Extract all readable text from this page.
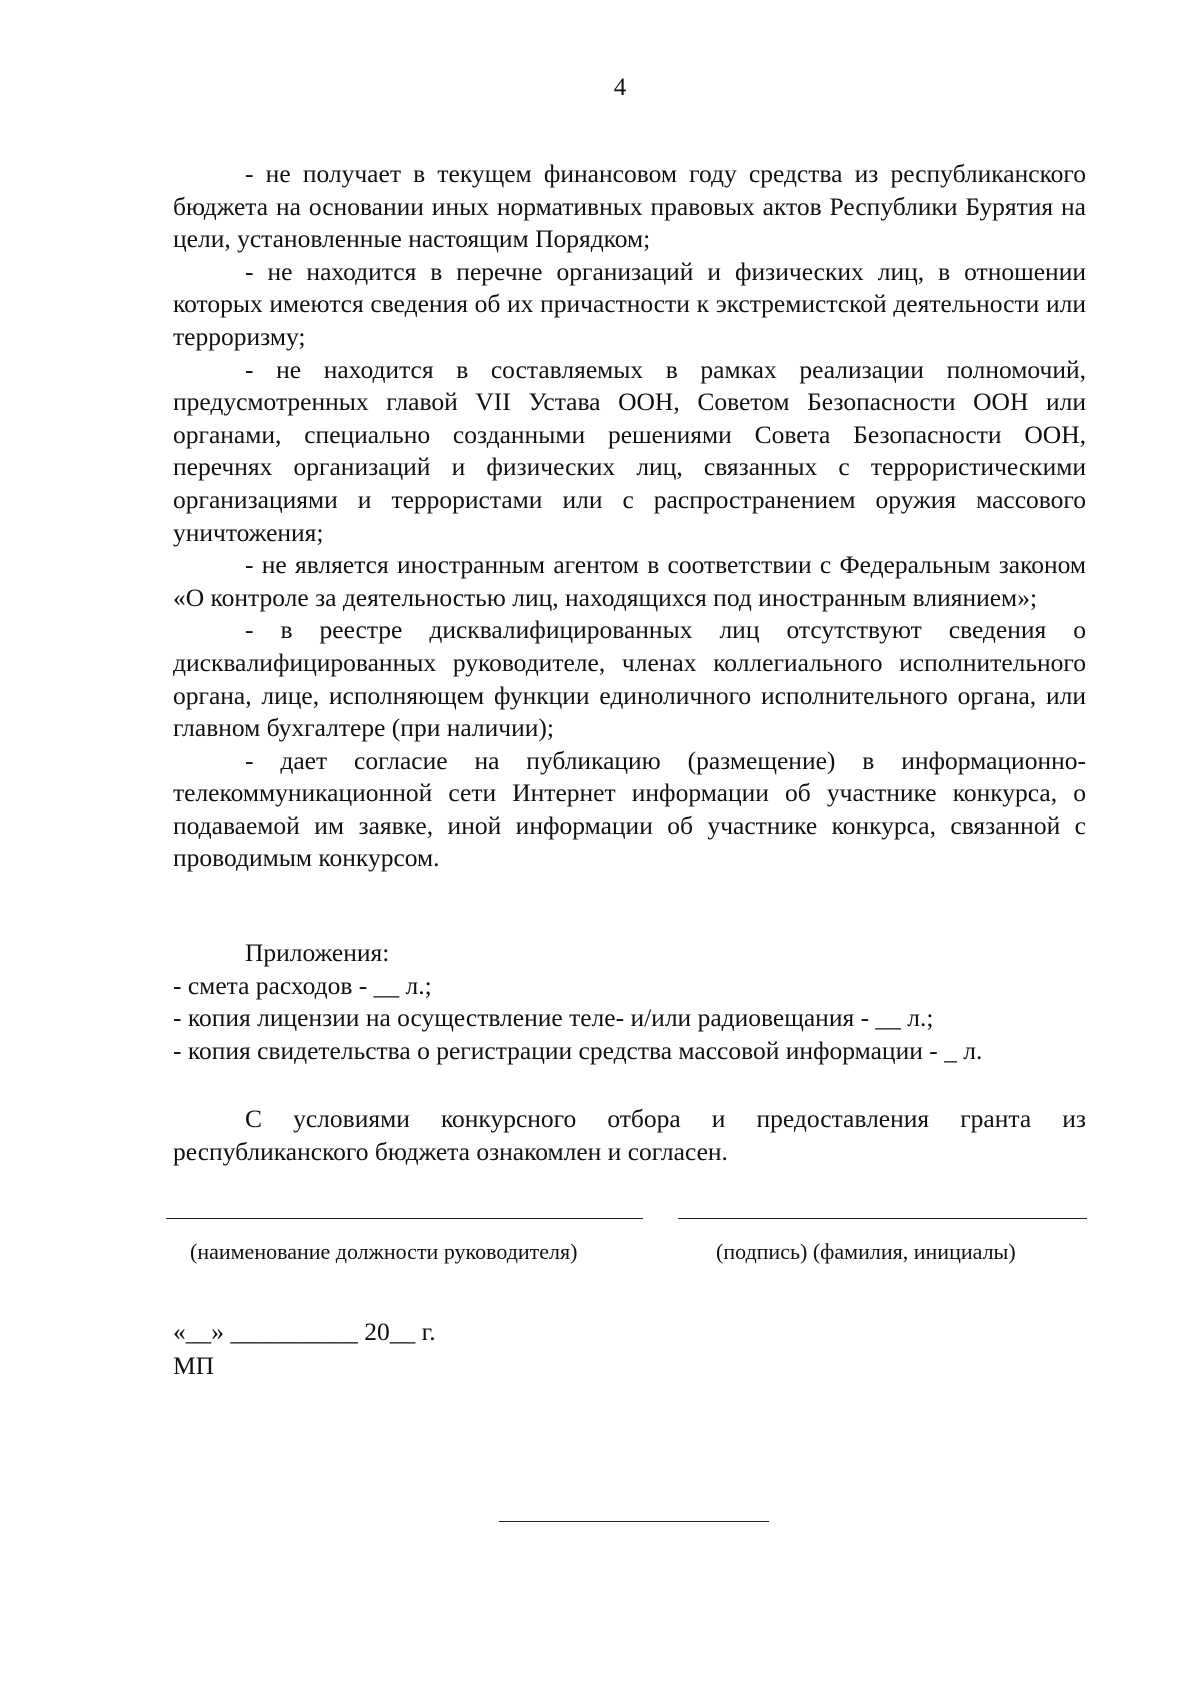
4

- не получает в текущем финансовом году средства из республиканского бюджета на основании иных нормативных правовых актов Республики Бурятия на цели, установленные настоящим Порядком;

- не находится в перечне организаций и физических лиц, в отношении которых имеются сведения об их причастности к экстремистской деятельности или терроризму;

- не находится в составляемых в рамках реализации полномочий, предусмотренных главой VII Устава ООН, Советом Безопасности ООН или органами, специально созданными решениями Совета Безопасности ООН, перечнях организаций и физических лиц, связанных с террористическими организациями и террористами или с распространением оружия массового уничтожения;

- не является иностранным агентом в соответствии с Федеральным законом «О контроле за деятельностью лиц, находящихся под иностранным влиянием»;

- в реестре дисквалифицированных лиц отсутствуют сведения о дисквалифицированных руководителе, членах коллегиального исполнительного органа, лице, исполняющем функции единоличного исполнительного органа, или главном бухгалтере (при наличии);

- дает согласие на публикацию (размещение) в информационно-телекоммуникационной сети Интернет информации об участнике конкурса, о подаваемой им заявке, иной информации об участнике конкурса, связанной с проводимым конкурсом.

Приложения:
- смета расходов - __ л.;
- копия лицензии на осуществление теле- и/или радиовещания - __ л.;
- копия свидетельства о регистрации средства массовой информации - _ л.

С условиями конкурсного отбора и предоставления гранта из республиканского бюджета ознакомлен и согласен.

(наименование должности руководителя)	(подпись) (фамилия, инициалы)
«__» __________ 20__ г.
МП
